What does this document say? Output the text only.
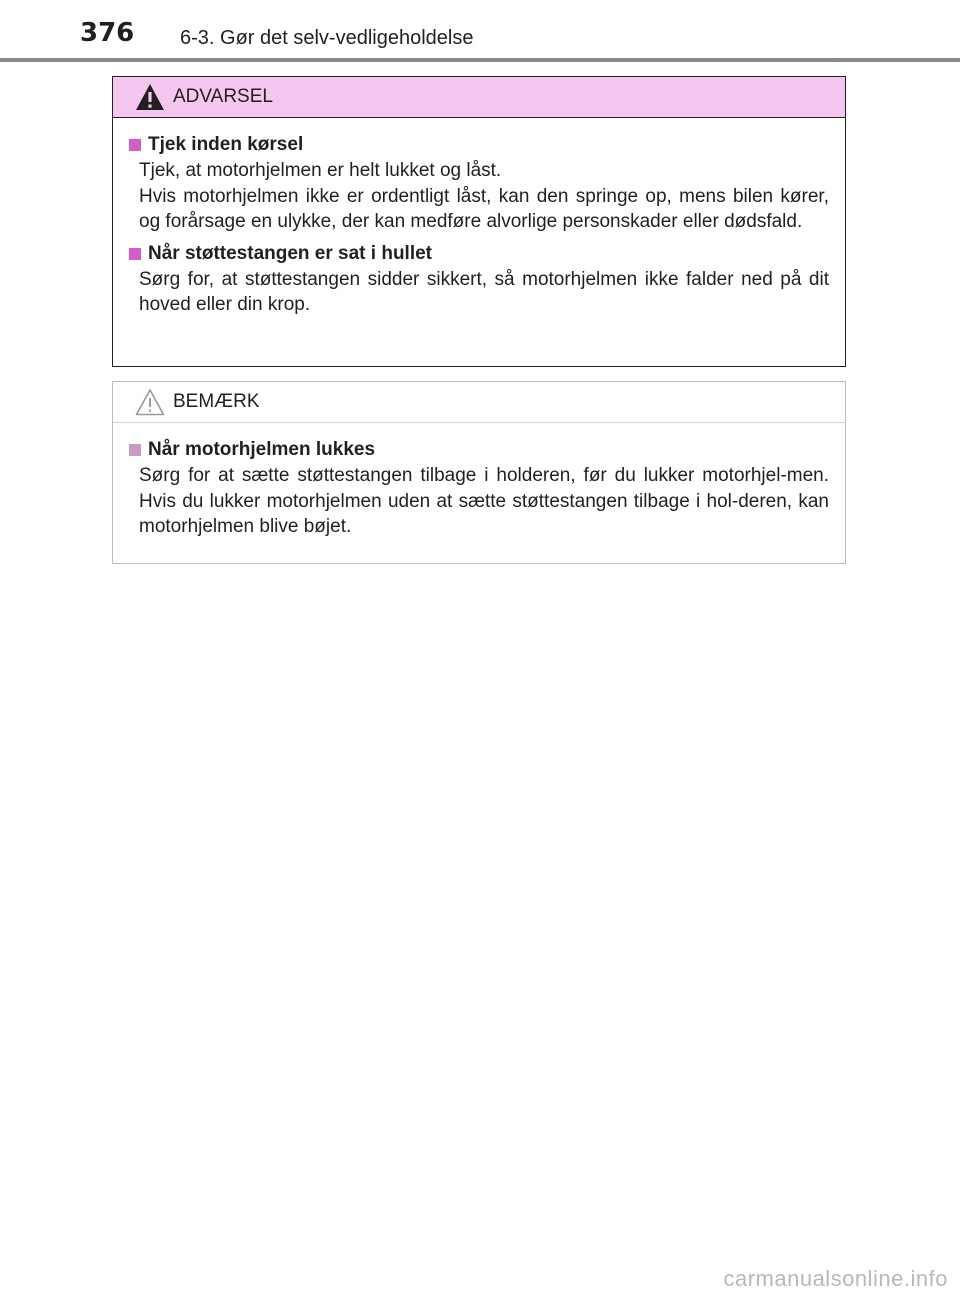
376 6-3. Gør det selv-vedligeholdelse
ADVARSEL
Tjek inden kørsel

Tjek, at motorhjelmen er helt lukket og låst.

Hvis motorhjelmen ikke er ordentligt låst, kan den springe op, mens bilen kører, og forårsage en ulykke, der kan medføre alvorlige personskader eller dødsfald.

Når støttestangen er sat i hullet

Sørg for, at støttestangen sidder sikkert, så motorhjelmen ikke falder ned på dit hoved eller din krop.

BEMÆRK
Når motorhjelmen lukkes

Sørg for at sætte støttestangen tilbage i holderen, før du lukker motorhjel-men. Hvis du lukker motorhjelmen uden at sætte støttestangen tilbage i hol-deren, kan motorhjelmen blive bøjet.

carmanualsonline.info
